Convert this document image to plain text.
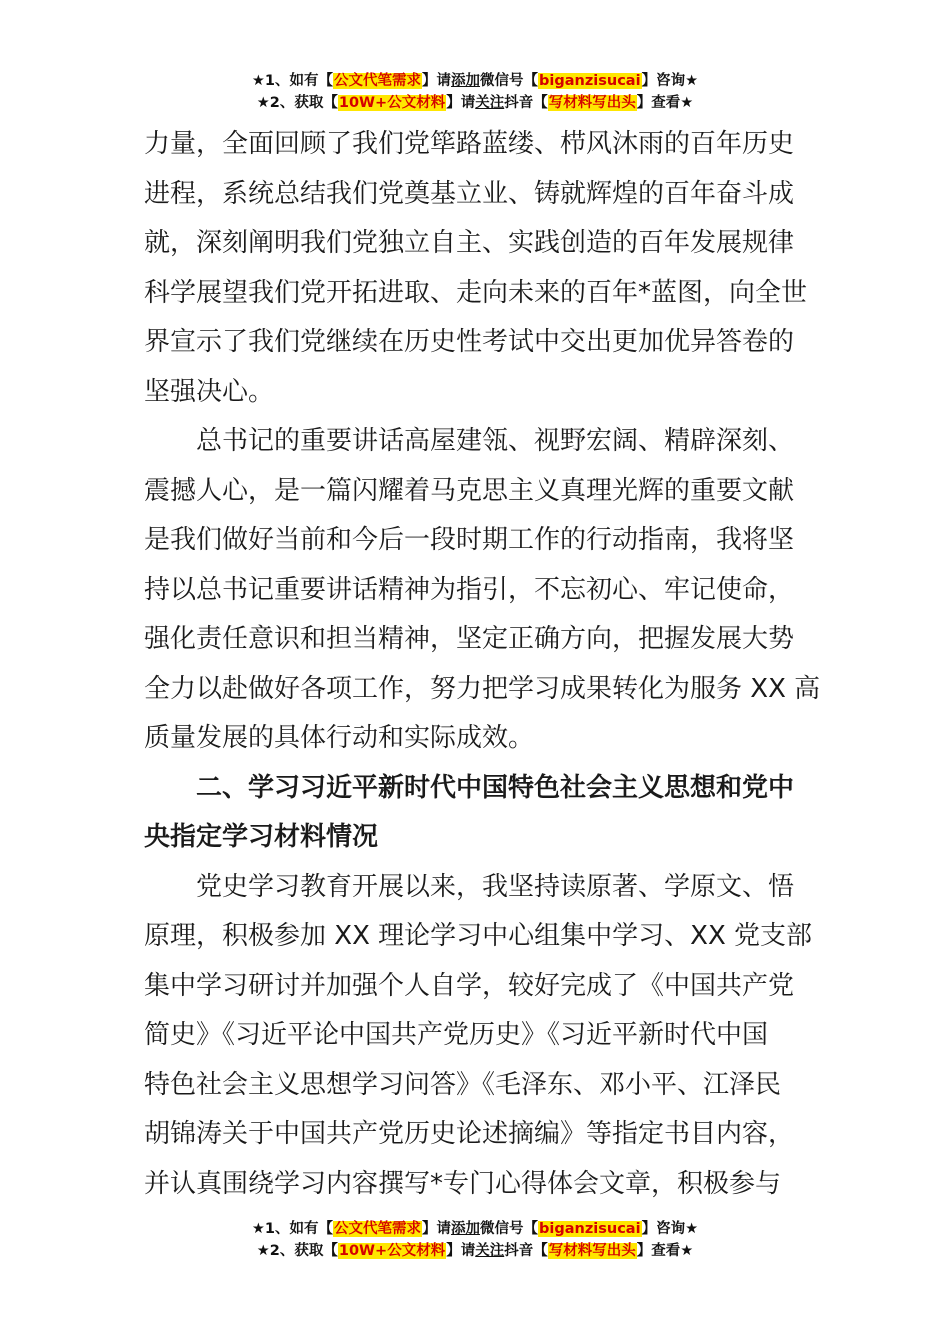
★1、如有【公文代笔需求】请添加微信号【biganzisucai】咨询★
★2、获取【10W+公文材料】请关注抖音【写材料写出头】查看★

力量，全面回顾了我们党筚路蓝缕、栉风沐雨的百年历史

进程，系统总结我们党奠基立业、铸就辉煌的百年奋斗成

就，深刻阐明我们党独立自主、实践创造的百年发展规律

科学展望我们党开拓进取、走向未来的百年*蓝图，向全世

界宣示了我们党继续在历史性考试中交出更加优异答卷的

坚强决心。

总书记的重要讲话高屋建瓴、视野宏阔、精辟深刻、

震撼人心，是一篇闪耀着马克思主义真理光辉的重要文献

是我们做好当前和今后一段时期工作的行动指南，我将坚

持以总书记重要讲话精神为指引，不忘初心、牢记使命，

强化责任意识和担当精神，坚定正确方向，把握发展大势

全力以赴做好各项工作，努力把学习成果转化为服务 XX 高

质量发展的具体行动和实际成效。

二、学习习近平新时代中国特色社会主义思想和党中

央指定学习材料情况

党史学习教育开展以来，我坚持读原著、学原文、悟

原理，积极参加 XX 理论学习中心组集中学习、XX 党支部

集中学习研讨并加强个人自学，较好完成了《中国共产党

简史》《习近平论中国共产党历史》《习近平新时代中国

特色社会主义思想学习问答》《毛泽东、邓小平、江泽民

胡锦涛关于中国共产党历史论述摘编》等指定书目内容，

并认真围绕学习内容撰写*专门心得体会文章，积极参与

★1、如有【公文代笔需求】请添加微信号【biganzisucai】咨询★
★2、获取【10W+公文材料】请关注抖音【写材料写出头】查看★
